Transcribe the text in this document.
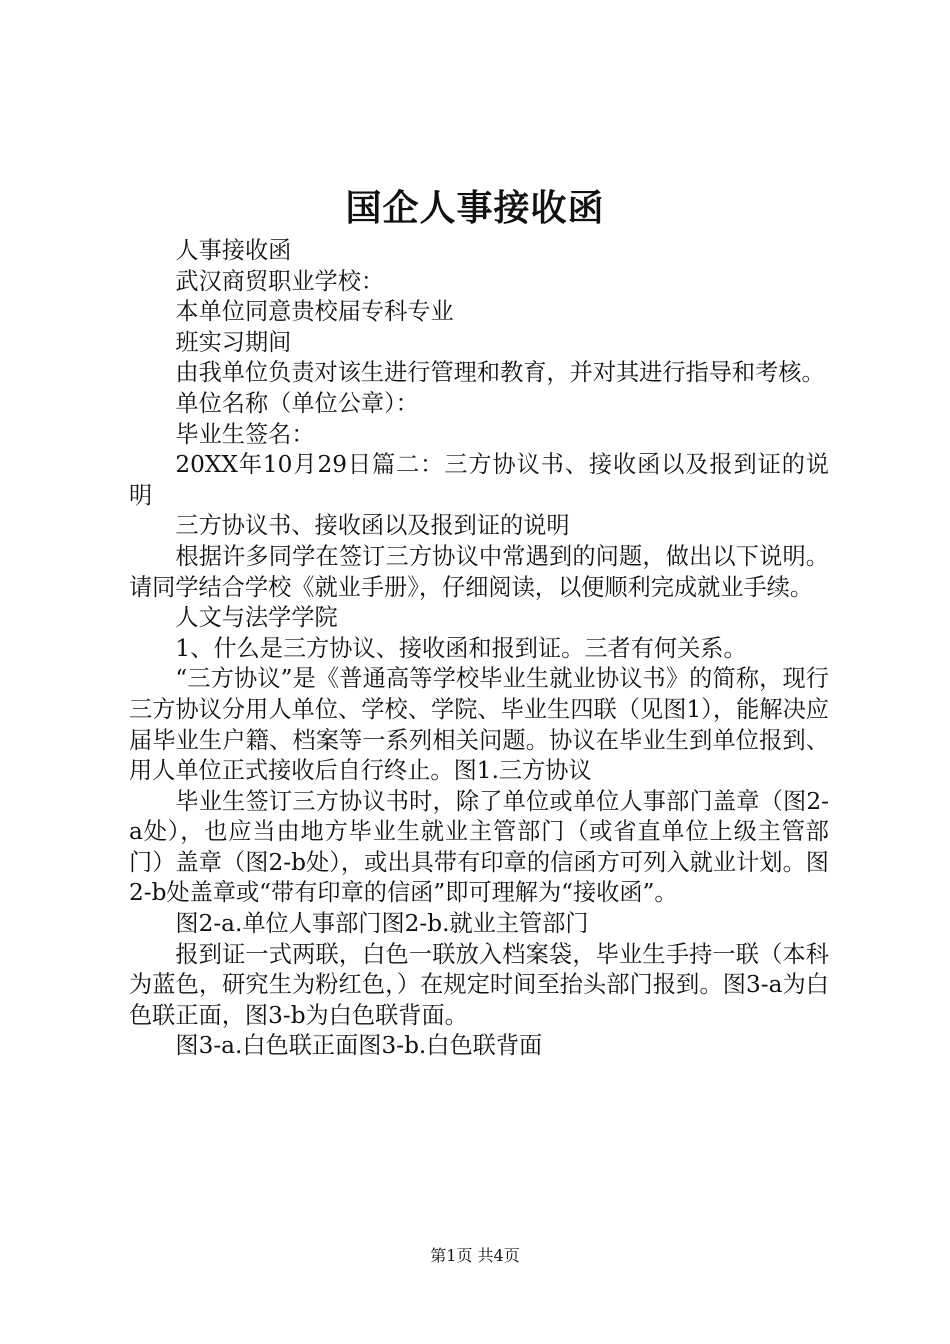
国企人事接收函

人事接收函

武汉商贸职业学校：

本单位同意贵校届专科专业

班实习期间

由我单位负责对该生进行管理和教育，并对其进行指导和考核。

单位名称（单位公章）：

毕业生签名：

20XX年10月29日篇二：三方协议书、接收函以及报到证的说明

三方协议书、接收函以及报到证的说明

根据许多同学在签订三方协议中常遇到的问题，做出以下说明。请同学结合学校《就业手册》，仔细阅读，以便顺利完成就业手续。

人文与法学学院

1、什么是三方协议、接收函和报到证。三者有何关系。

“三方协议”是《普通高等学校毕业生就业协议书》的简称，现行三方协议分用人单位、学校、学院、毕业生四联（见图1），能解决应届毕业生户籍、档案等一系列相关问题。协议在毕业生到单位报到、用人单位正式接收后自行终止。图1.三方协议

毕业生签订三方协议书时，除了单位或单位人事部门盖章（图2-a处），也应当由地方毕业生就业主管部门（或省直单位上级主管部门）盖章（图2-b处），或出具带有印章的信函方可列入就业计划。图2-b处盖章或“带有印章的信函”即可理解为“接收函”。

图2-a.单位人事部门图2-b.就业主管部门

报到证一式两联，白色一联放入档案袋，毕业生手持一联（本科为蓝色，研究生为粉红色，）在规定时间至抬头部门报到。图3-a为白色联正面，图3-b为白色联背面。

图3-a.白色联正面图3-b.白色联背面

第1页 共4页
